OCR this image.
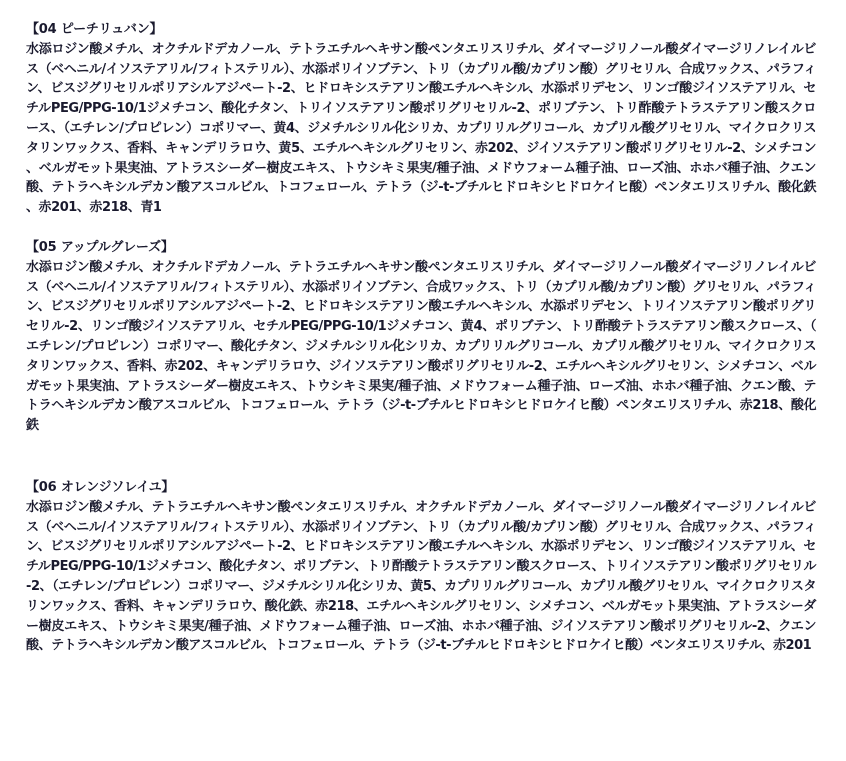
【04 ピーチリュバン】

水添ロジン酸メチル、オクチルドデカノール、テトラエチルヘキサン酸ペンタエリスリチル、ダイマージリノール酸ダイマージリノレイルビス（ベヘニル/イソステアリル/フィトステリル）、水添ポリイソブテン、トリ（カプリル酸/カプリン酸）グリセリル、合成ワックス、パラフィン、ビスジグリセリルポリアシルアジペート-2、ヒドロキシステアリン酸エチルヘキシル、水添ポリデセン、リンゴ酸ジイソステアリル、セチルPEG/PPG-10/1ジメチコン、酸化チタン、トリイソステアリン酸ポリグリセリル-2、ポリブテン、トリ酢酸テトラステアリン酸スクロース、（エチレン/プロピレン）コポリマー、黄4、ジメチルシリル化シリカ、カプリリルグリコール、カプリル酸グリセリル、マイクロクリスタリンワックス、香料、キャンデリラロウ、黄5、エチルヘキシルグリセリン、赤202、ジイソステアリン酸ポリグリセリル-2、シメチコン、ベルガモット果実油、アトラスシーダー樹皮エキス、トウシキミ果実/種子油、メドウフォーム種子油、ローズ油、ホホバ種子油、クエン酸、テトラヘキシルデカン酸アスコルビル、トコフェロール、テトラ（ジ-t-ブチルヒドロキシヒドロケイヒ酸）ペンタエリスリチル、酸化鉄、赤201、赤218、青1

【05 アップルグレーズ】

水添ロジン酸メチル、オクチルドデカノール、テトラエチルヘキサン酸ペンタエリスリチル、ダイマージリノール酸ダイマージリノレイルビス（ベヘニル/イソステアリル/フィトステリル）、水添ポリイソブテン、合成ワックス、トリ（カプリル酸/カプリン酸）グリセリル、パラフィン、ビスジグリセリルポリアシルアジペート-2、ヒドロキシステアリン酸エチルヘキシル、水添ポリデセン、トリイソステアリン酸ポリグリセリル-2、リンゴ酸ジイソステアリル、セチルPEG/PPG-10/1ジメチコン、黄4、ポリブテン、トリ酢酸テトラステアリン酸スクロース、（エチレン/プロピレン）コポリマー、酸化チタン、ジメチルシリル化シリカ、カプリリルグリコール、カプリル酸グリセリル、マイクロクリスタリンワックス、香料、赤202、キャンデリラロウ、ジイソステアリン酸ポリグリセリル-2、エチルヘキシルグリセリン、シメチコン、ベルガモット果実油、アトラスシーダー樹皮エキス、トウシキミ果実/種子油、メドウフォーム種子油、ローズ油、ホホバ種子油、クエン酸、テトラヘキシルデカン酸アスコルビル、トコフェロール、テトラ（ジ-t-ブチルヒドロキシヒドロケイヒ酸）ペンタエリスリチル、赤218、酸化鉄

【06 オレンジソレイユ】

水添ロジン酸メチル、テトラエチルヘキサン酸ペンタエリスリチル、オクチルドデカノール、ダイマージリノール酸ダイマージリノレイルビス（ベヘニル/イソステアリル/フィトステリル）、水添ポリイソブテン、トリ（カプリル酸/カプリン酸）グリセリル、合成ワックス、パラフィン、ビスジグリセリルポリアシルアジペート-2、ヒドロキシステアリン酸エチルヘキシル、水添ポリデセン、リンゴ酸ジイソステアリル、セチルPEG/PPG-10/1ジメチコン、酸化チタン、ポリブテン、トリ酢酸テトラステアリン酸スクロース、トリイソステアリン酸ポリグリセリル-2、（エチレン/プロピレン）コポリマー、ジメチルシリル化シリカ、黄5、カプリリルグリコール、カプリル酸グリセリル、マイクロクリスタリンワックス、香料、キャンデリラロウ、酸化鉄、赤218、エチルヘキシルグリセリン、シメチコン、ベルガモット果実油、アトラスシーダー樹皮エキス、トウシキミ果実/種子油、メドウフォーム種子油、ローズ油、ホホバ種子油、ジイソステアリン酸ポリグリセリル-2、クエン酸、テトラヘキシルデカン酸アスコルビル、トコフェロール、テトラ（ジ-t-ブチルヒドロキシヒドロケイヒ酸）ペンタエリスリチル、赤201
